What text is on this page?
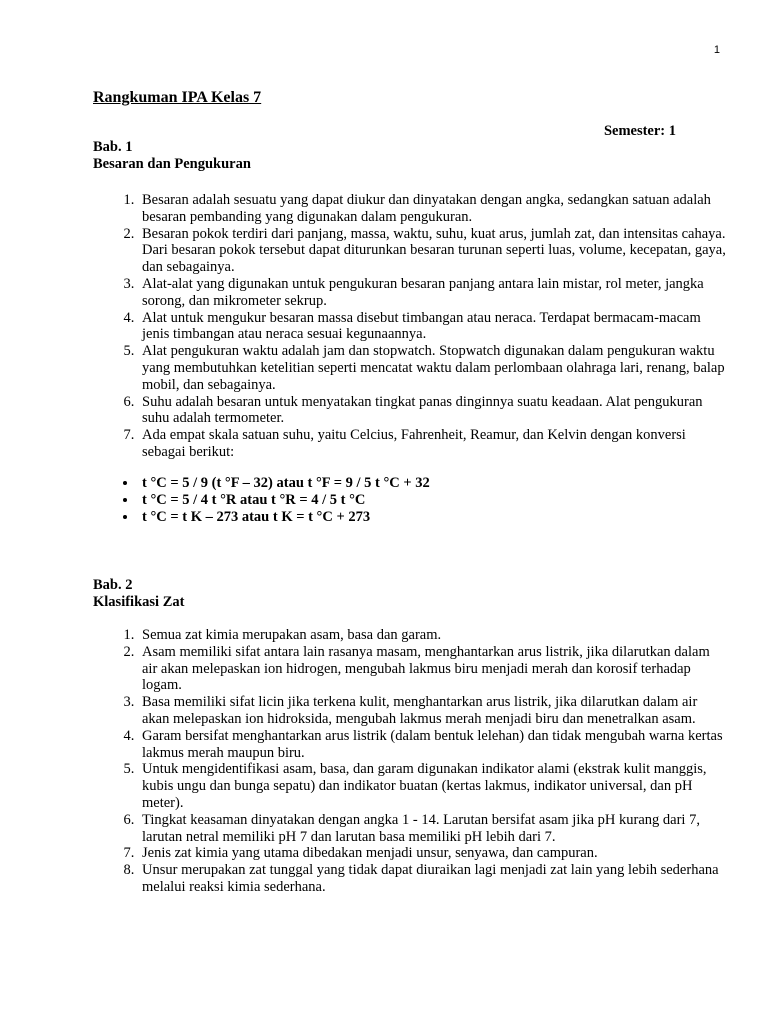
1
Rangkuman IPA Kelas 7
Semester: 1
Bab. 1
Besaran dan Pengukuran
1. Besaran adalah sesuatu yang dapat diukur dan dinyatakan dengan angka, sedangkan satuan adalah besaran pembanding yang digunakan dalam pengukuran.
2. Besaran pokok terdiri dari panjang, massa, waktu, suhu, kuat arus, jumlah zat, dan intensitas cahaya. Dari besaran pokok tersebut dapat diturunkan besaran turunan seperti luas, volume, kecepatan, gaya, dan sebagainya.
3. Alat-alat yang digunakan untuk pengukuran besaran panjang antara lain mistar, rol meter, jangka sorong, dan mikrometer sekrup.
4. Alat untuk mengukur besaran massa disebut timbangan atau neraca. Terdapat bermacam-macam jenis timbangan atau neraca sesuai kegunaannya.
5. Alat pengukuran waktu adalah jam dan stopwatch. Stopwatch digunakan dalam pengukuran waktu yang membutuhkan ketelitian seperti mencatat waktu dalam perlombaan olahraga lari, renang, balap mobil, dan sebagainya.
6. Suhu adalah besaran untuk menyatakan tingkat panas dinginnya suatu keadaan. Alat pengukuran suhu adalah termometer.
7. Ada empat skala satuan suhu, yaitu Celcius, Fahrenheit, Reamur, dan Kelvin dengan konversi sebagai berikut:
• t °C = 5 / 9 (t °F – 32) atau t °F = 9 / 5 t °C + 32
• t °C = 5 / 4 t °R atau t °R = 4 / 5 t °C
• t °C = t K – 273 atau t K = t °C + 273
Bab. 2
Klasifikasi Zat
1. Semua zat kimia merupakan asam, basa dan garam.
2. Asam memiliki sifat antara lain rasanya masam, menghantarkan arus listrik, jika dilarutkan dalam air akan melepaskan ion hidrogen, mengubah lakmus biru menjadi merah dan korosif terhadap logam.
3. Basa memiliki sifat licin jika terkena kulit, menghantarkan arus listrik, jika dilarutkan dalam air akan melepaskan ion hidroksida, mengubah lakmus merah menjadi biru dan menetralkan asam.
4. Garam bersifat menghantarkan arus listrik (dalam bentuk lelehan) dan tidak mengubah warna kertas lakmus merah maupun biru.
5. Untuk mengidentifikasi asam, basa, dan garam digunakan indikator alami (ekstrak kulit manggis, kubis ungu dan bunga sepatu) dan indikator buatan (kertas lakmus, indikator universal, dan pH meter).
6. Tingkat keasaman dinyatakan dengan angka 1 - 14. Larutan bersifat asam jika pH kurang dari 7, larutan netral memiliki pH 7 dan larutan basa memiliki pH lebih dari 7.
7. Jenis zat kimia yang utama dibedakan menjadi unsur, senyawa, dan campuran.
8. Unsur merupakan zat tunggal yang tidak dapat diuraikan lagi menjadi zat lain yang lebih sederhana melalui reaksi kimia sederhana.
